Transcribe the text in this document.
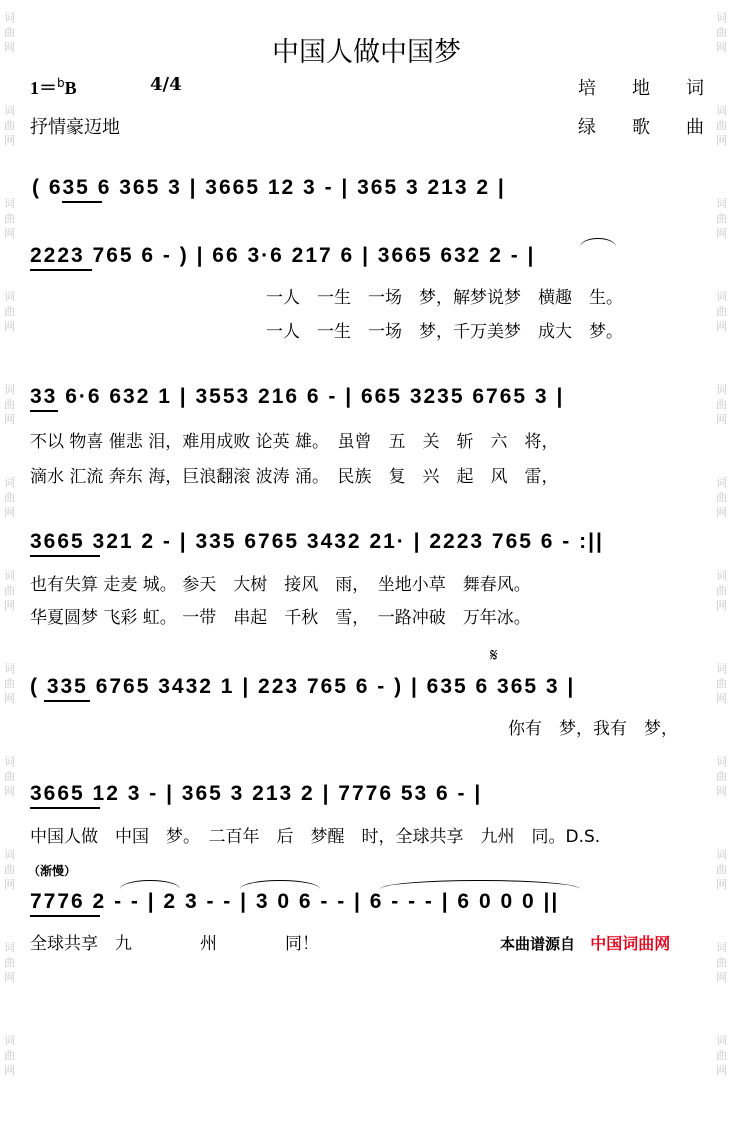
词曲网
词曲网
词曲网
词曲网
词曲网
词曲网
词曲网
词曲网
词曲网
词曲网
词曲网
词曲网
词曲网
词曲网
词曲网
词曲网
词曲网
词曲网
词曲网
词曲网
词曲网
词曲网
词曲网
词曲网
中国人做中国梦
1＝$^b$B	4/4	培　　地　　词
抒情豪迈地	绿　　歌　　曲
( 635 6 365 3 | 3665 12 3 - | 365 3 213 2 |
2223 765 6 - ) | 66 3·6 217 6 | 3665 632 2 - |
一人　一生　一场　梦，解梦说梦　横趣　生。
一人　一生　一场　梦，千万美梦　成大　梦。
33 6·6 632 1 | 3553 216 6 - | 665 3235 6765 3 |
不以 物喜 催悲 泪，难用成败 论英 雄。　虽曾　五　关　斩　六　将，
滴水 汇流 奔东 海，巨浪翻滚 波涛 涌。　民族　复　兴　起　风　雷，
3665 321 2 - | 335 6765 3432 21· | 2223 765 6 - :||
也有失算 走麦 城。 参天　大树　接风　雨，　坐地小草　舞春风。
华夏圆梦 飞彩 虹。 一带　串起　千秋　雪，　一路冲破　万年冰。
𝄋
( 335 6765 3432 1 | 223 765 6 - ) | 635 6 365 3 |
你有　梦，我有　梦，
3665 12 3 - | 365 3 213 2 | 7776 53 6 - |
中国人做　中国　梦。　二百年　后　梦醒　时，全球共享　九州　同。D.S.
（渐慢）
7776 2 - - | 2 3 - - | 3 0 6 - - | 6 - - - | 6 0 0 0 ||
全球共享　九　　　　州　　　　同！	本曲谱源自 中国词曲网
